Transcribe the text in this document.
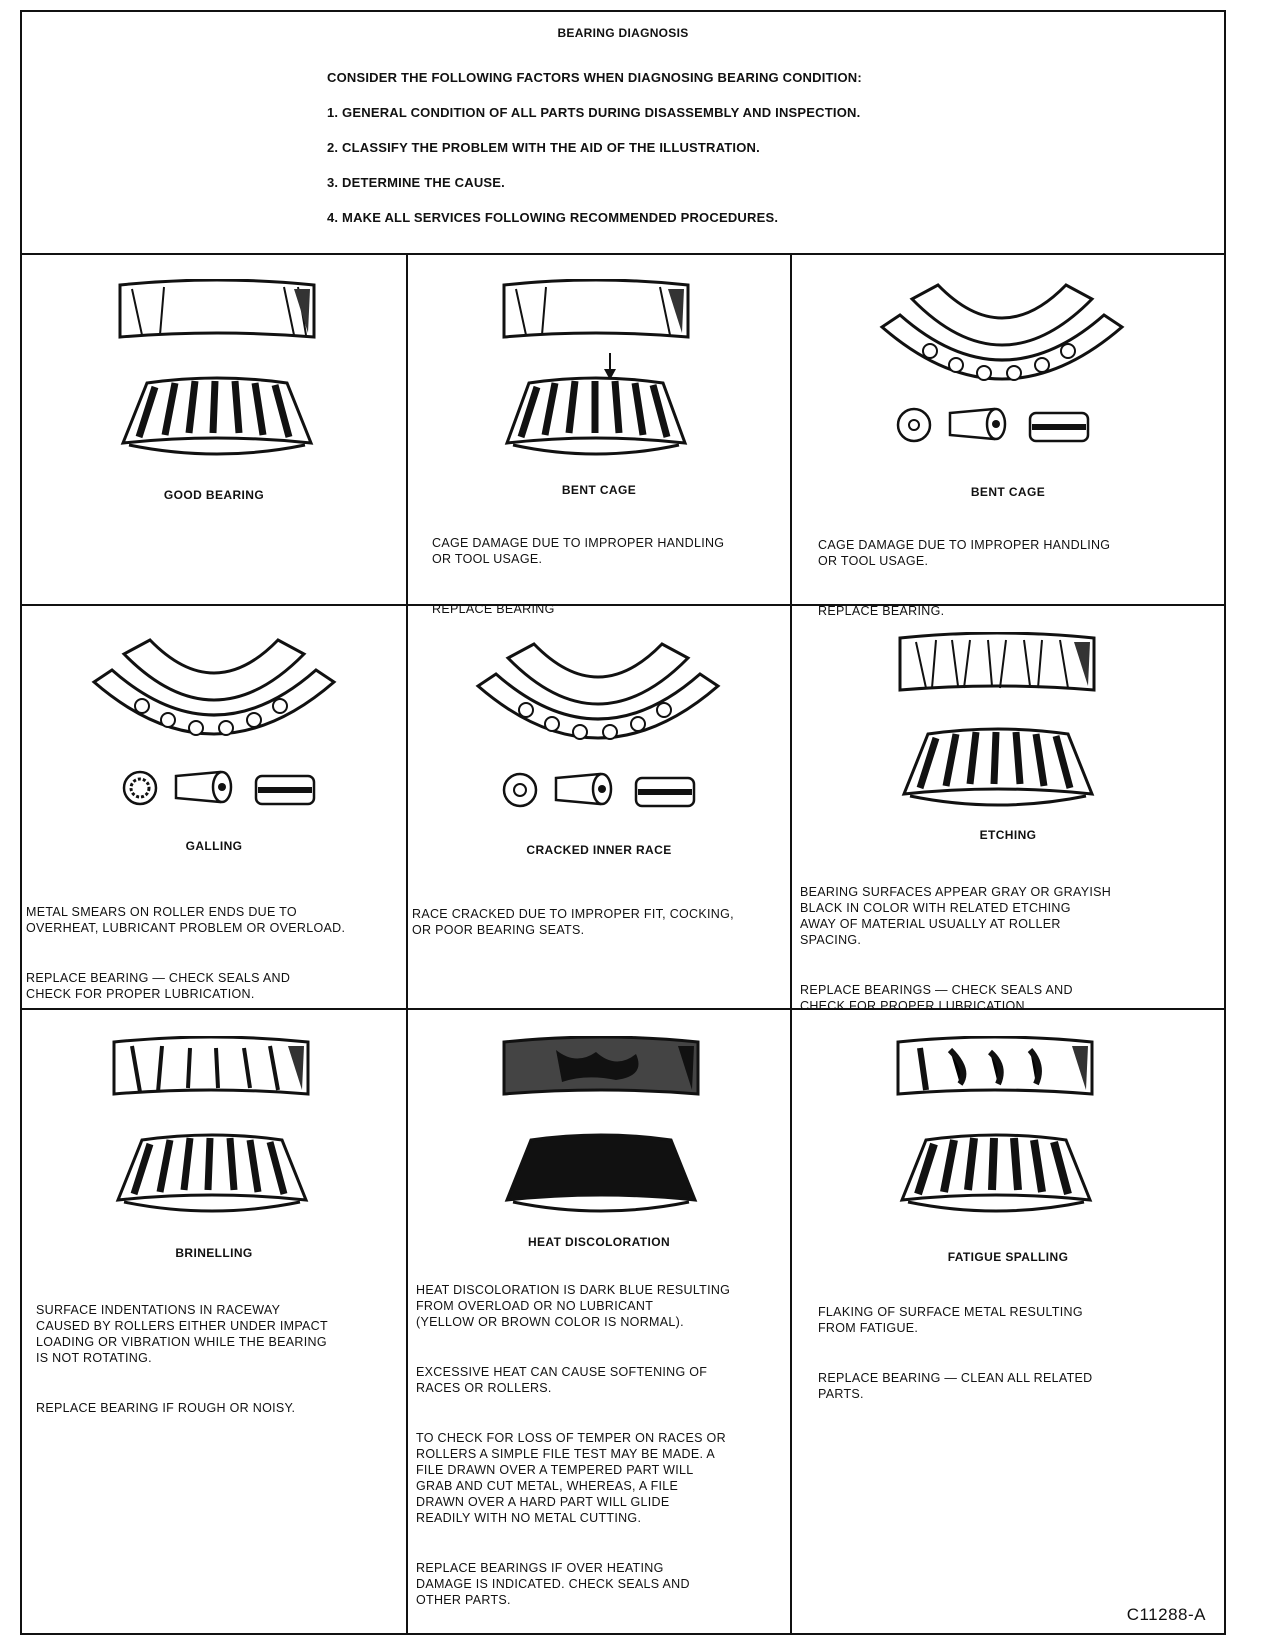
BEARING DIAGNOSIS
CONSIDER THE FOLLOWING FACTORS WHEN DIAGNOSING BEARING CONDITION:
1. GENERAL CONDITION OF ALL PARTS DURING DISASSEMBLY AND INSPECTION.
2. CLASSIFY THE PROBLEM WITH THE AID OF THE ILLUSTRATION.
3. DETERMINE THE CAUSE.
4. MAKE ALL SERVICES FOLLOWING RECOMMENDED PROCEDURES.
GOOD BEARING	BENT CAGE

CAGE DAMAGE DUE TO IMPROPER HANDLING
OR TOOL USAGE.

REPLACE BEARING

BENT CAGE

CAGE DAMAGE DUE TO IMPROPER HANDLING
OR TOOL USAGE.

REPLACE BEARING.

GALLING

METAL SMEARS ON ROLLER ENDS DUE TO
OVERHEAT, LUBRICANT PROBLEM OR OVERLOAD.

REPLACE BEARING — CHECK SEALS AND
CHECK FOR PROPER LUBRICATION.

CRACKED INNER RACE

RACE CRACKED DUE TO IMPROPER FIT, COCKING,
OR POOR BEARING SEATS.

ETCHING

BEARING SURFACES APPEAR GRAY OR GRAYISH
BLACK IN COLOR WITH RELATED ETCHING
AWAY OF MATERIAL USUALLY AT ROLLER
SPACING.

REPLACE BEARINGS — CHECK SEALS AND
CHECK FOR PROPER LUBRICATION

BRINELLING

SURFACE INDENTATIONS IN RACEWAY
CAUSED BY ROLLERS EITHER UNDER IMPACT
LOADING OR VIBRATION WHILE THE BEARING
IS NOT ROTATING.

REPLACE BEARING IF ROUGH OR NOISY.

HEAT DISCOLORATION

HEAT DISCOLORATION IS DARK BLUE RESULTING
FROM OVERLOAD OR NO LUBRICANT
(YELLOW OR BROWN COLOR IS NORMAL).

EXCESSIVE HEAT CAN CAUSE SOFTENING OF
RACES OR ROLLERS.

TO CHECK FOR LOSS OF TEMPER ON RACES OR
ROLLERS A SIMPLE FILE TEST MAY BE MADE. A
FILE DRAWN OVER A TEMPERED PART WILL
GRAB AND CUT METAL, WHEREAS, A FILE
DRAWN OVER A HARD PART WILL GLIDE
READILY WITH NO METAL CUTTING.

REPLACE BEARINGS IF OVER HEATING
DAMAGE IS INDICATED. CHECK SEALS AND
OTHER PARTS.

FATIGUE SPALLING

FLAKING OF SURFACE METAL RESULTING
FROM FATIGUE.

REPLACE BEARING — CLEAN ALL RELATED
PARTS.

C11288-A
